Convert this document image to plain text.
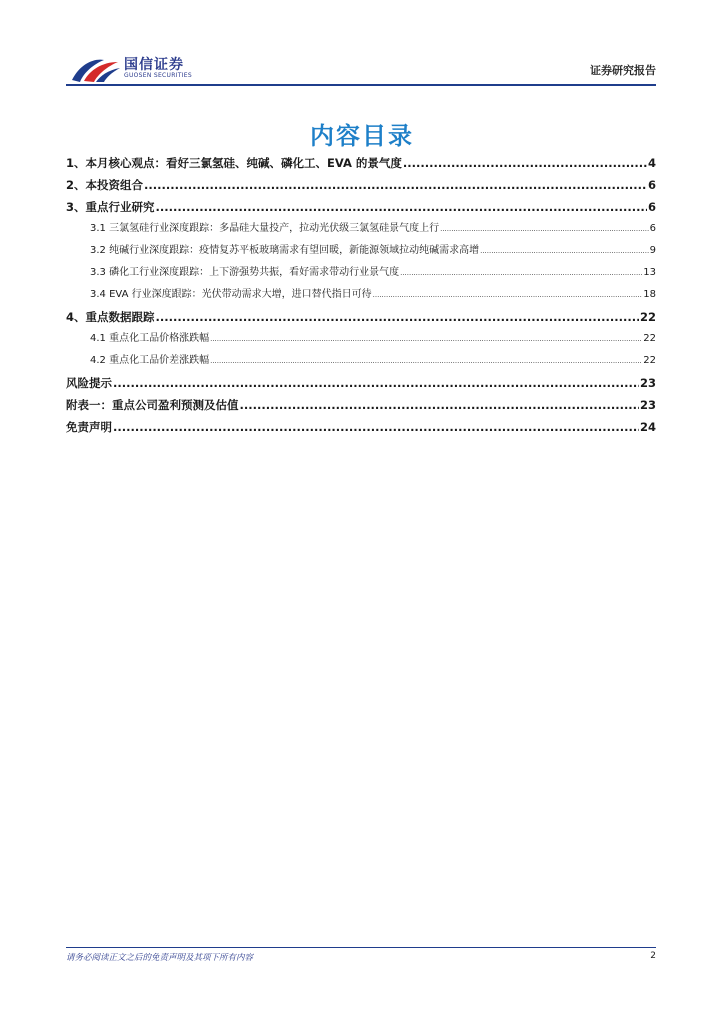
国信证券
GUOSEN SECURITIES	证券研究报告
内容目录
1、本月核心观点：看好三氯氢硅、纯碱、磷化工、EVA 的景气度 .....	4
2、本投资组合 .....	6
3、重点行业研究 .....	6
3.1 三氯氢硅行业深度跟踪：多晶硅大量投产，拉动光伏级三氯氢硅景气度上行 .....	6
3.2 纯碱行业深度跟踪：疫情复苏平板玻璃需求有望回暖，新能源领域拉动纯碱需求高增 .....	9
3.3 磷化工行业深度跟踪：上下游强势共振，看好需求带动行业景气度 .....	13
3.4 EVA 行业深度跟踪：光伏带动需求大增，进口替代指日可待 .....	18
4、重点数据跟踪 .....	22
4.1 重点化工品价格涨跌幅 .....	22
4.2 重点化工品价差涨跌幅 .....	22
风险提示 .....	23
附表一：重点公司盈利预测及估值 .....	23
免责声明 .....	24
请务必阅读正文之后的免责声明及其项下所有内容	2
